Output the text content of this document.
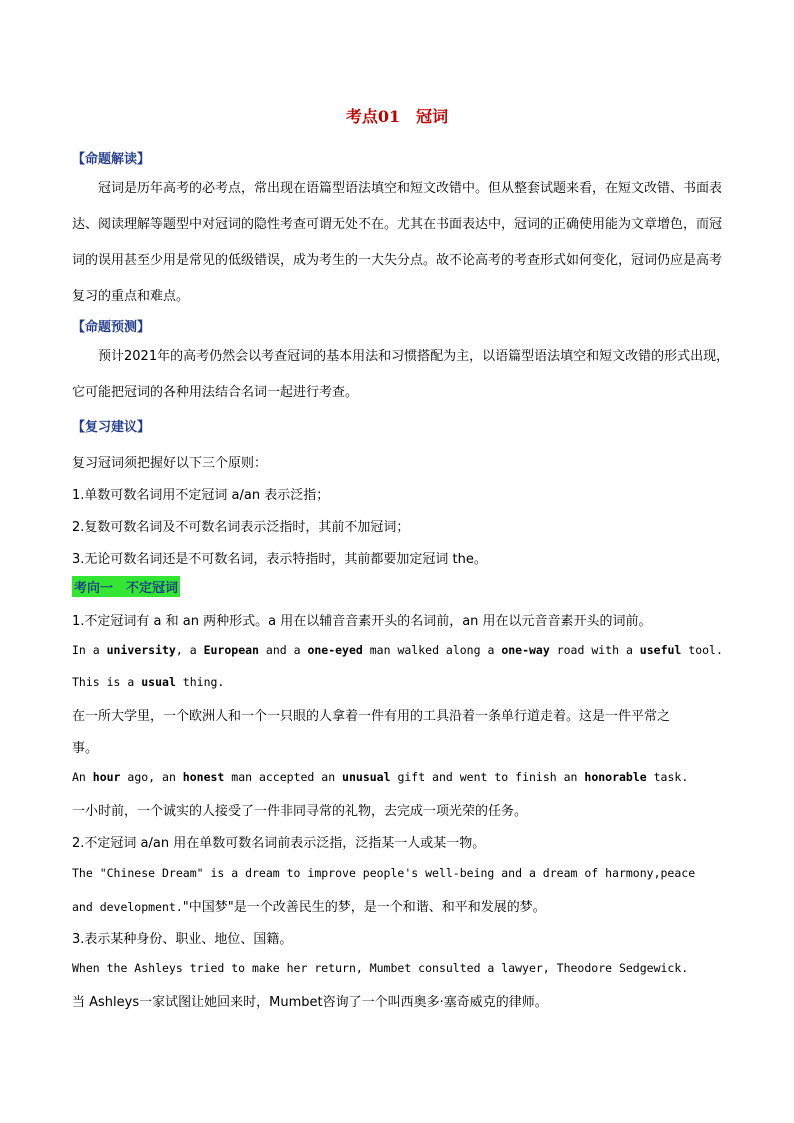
考点01　冠词
【命题解读】
冠词是历年高考的必考点，常出现在语篇型语法填空和短文改错中。但从整套试题来看，在短文改错、书面表达、阅读理解等题型中对冠词的隐性考查可谓无处不在。尤其在书面表达中，冠词的正确使用能为文章增色，而冠词的误用甚至少用是常见的低级错误，成为考生的一大失分点。故不论高考的考查形式如何变化，冠词仍应是高考复习的重点和难点。
【命题预测】
预计2021年的高考仍然会以考查冠词的基本用法和习惯搭配为主，以语篇型语法填空和短文改错的形式出现，它可能把冠词的各种用法结合名词一起进行考查。
【复习建议】
复习冠词须把握好以下三个原则：
1.单数可数名词用不定冠词 a/an 表示泛指；
2.复数可数名词及不可数名词表示泛指时，其前不加冠词；
3.无论可数名词还是不可数名词，表示特指时，其前都要加定冠词 the。
考向一　不定冠词
1.不定冠词有 a 和 an 两种形式。a 用在以辅音音素开头的名词前，an 用在以元音音素开头的词前。
In a university, a European and a one-eyed man walked along a one-way road with a useful tool.
This is a usual thing.
在一所大学里，一个欧洲人和一个一只眼的人拿着一件有用的工具沿着一条单行道走着。这是一件平常之
事。
An hour ago, an honest man accepted an unusual gift and went to finish an honorable task.
一小时前，一个诚实的人接受了一件非同寻常的礼物，去完成一项光荣的任务。
2.不定冠词 a/an 用在单数可数名词前表示泛指，泛指某一人或某一物。
The "Chinese Dream" is a dream to improve people's well-being and a dream of harmony,peace
and development."中国梦"是一个改善民生的梦，是一个和谐、和平和发展的梦。
3.表示某种身份、职业、地位、国籍。
When the Ashleys tried to make her return, Mumbet consulted a lawyer, Theodore Sedgewick.
当 Ashleys一家试图让她回来时，Mumbet咨询了一个叫西奥多·塞奇威克的律师。
